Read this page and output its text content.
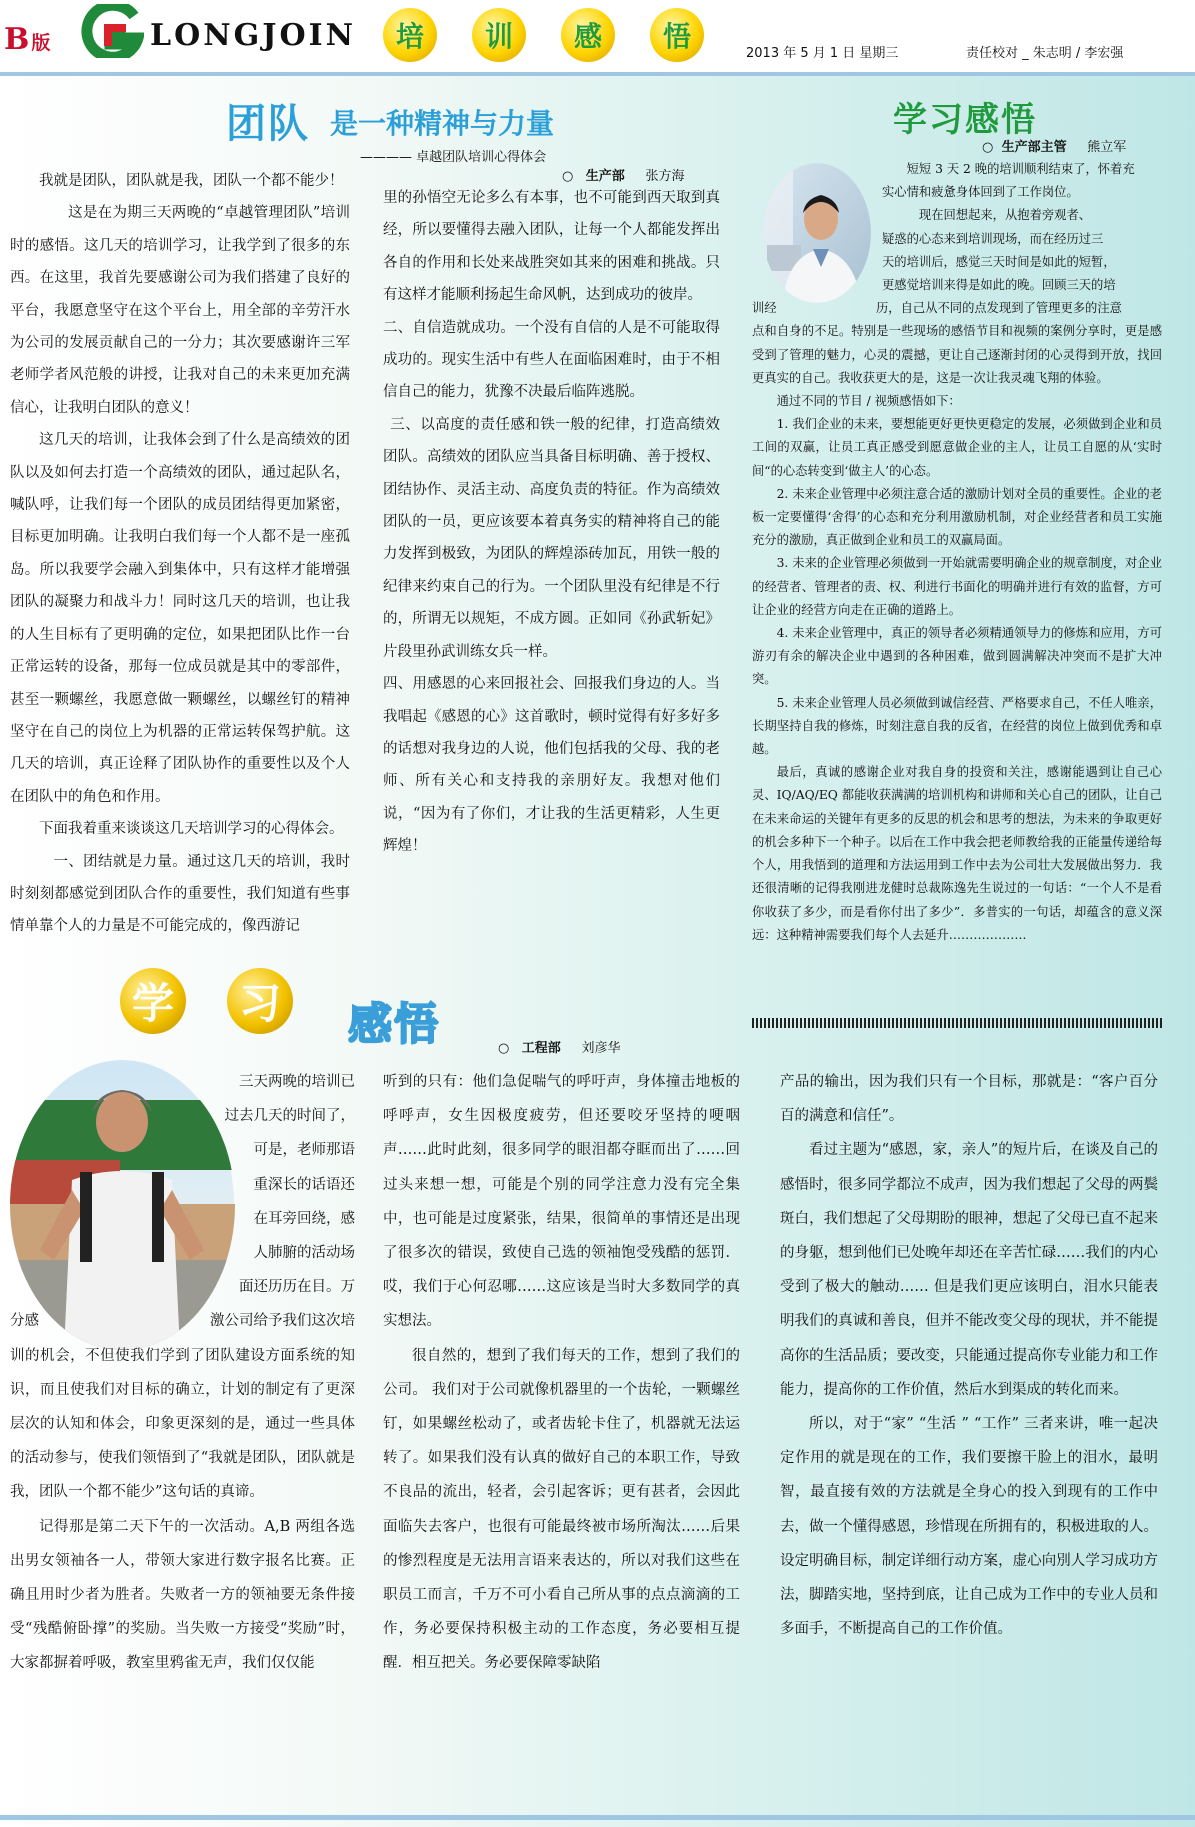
B版	LONGJOIN	培	训	感	悟
2013 年 5 月 1 日 星期三	责任校对 _ 朱志明 / 李宏强
团队 是一种精神与力量
———— 卓越团队培训心得体会
○ 生产部 张方海

我就是团队，团队就是我，团队一个都不能少！

这是在为期三天两晚的“卓越管理团队”培训时的感悟。这几天的培训学习，让我学到了很多的东西。在这里，我首先要感谢公司为我们搭建了良好的平台，我愿意坚守在这个平台上，用全部的辛劳汗水为公司的发展贡献自己的一分力；其次要感谢许三军老师学者风范般的讲授，让我对自己的未来更加充满信心，让我明白团队的意义！

这几天的培训，让我体会到了什么是高绩效的团队以及如何去打造一个高绩效的团队，通过起队名，喊队呼，让我们每一个团队的成员团结得更加紧密，目标更加明确。让我明白我们每一个人都不是一座孤岛。所以我要学会融入到集体中，只有这样才能增强团队的凝聚力和战斗力！同时这几天的培训，也让我的人生目标有了更明确的定位，如果把团队比作一台正常运转的设备，那每一位成员就是其中的零部件，甚至一颗螺丝，我愿意做一颗螺丝，以螺丝钉的精神坚守在自己的岗位上为机器的正常运转保驾护航。这几天的培训，真正诠释了团队协作的重要性以及个人在团队中的角色和作用。

下面我着重来谈谈这几天培训学习的心得体会。

一、团结就是力量。通过这几天的培训，我时时刻刻都感觉到团队合作的重要性，我们知道有些事情单靠个人的力量是不可能完成的，像西游记

里的孙悟空无论多么有本事，也不可能到西天取到真经，所以要懂得去融入团队，让每一个人都能发挥出各自的作用和长处来战胜突如其来的困难和挑战。只有这样才能顺利扬起生命风帆，达到成功的彼岸。

二、自信造就成功。一个没有自信的人是不可能取得成功的。现实生活中有些人在面临困难时，由于不相信自己的能力，犹豫不决最后临阵逃脱。

三、以高度的责任感和铁一般的纪律，打造高绩效团队。高绩效的团队应当具备目标明确、善于授权、团结协作、灵活主动、高度负责的特征。作为高绩效团队的一员，更应该要本着真务实的精神将自己的能力发挥到极致，为团队的辉煌添砖加瓦，用铁一般的纪律来约束自己的行为。一个团队里没有纪律是不行的，所谓无以规矩，不成方圆。正如同《孙武斩妃》片段里孙武训练女兵一样。

四、用感恩的心来回报社会、回报我们身边的人。当我唱起《感恩的心》这首歌时，顿时觉得有好多好多的话想对我身边的人说，他们包括我的父母、我的老师、所有关心和支持我的亲朋好友。我想对他们说，“因为有了你们，才让我的生活更精彩，人生更辉煌！

学习感悟
○ 生产部主管 熊立军

短短 3 天 2 晚的培训顺利结束了，怀着充

实心情和疲惫身体回到了工作岗位。

现在回想起来，从抱着旁观者、

疑惑的心态来到培训现场，而在经历过三

天的培训后，感觉三天时间是如此的短暂，

更感觉培训来得是如此的晚。回顾三天的培

训经	历，自己从不同的点发现到了管理更多的注意

点和自身的不足。特别是一些现场的感悟节目和视频的案例分享时，更是感受到了管理的魅力，心灵的震撼，更让自己逐渐封闭的心灵得到开放，找回更真实的自己。我收获更大的是，这是一次让我灵魂飞翔的体验。

通过不同的节目 / 视频感悟如下：

1. 我们企业的未来，要想能更好更快更稳定的发展，必须做到企业和员工间的双赢，让员工真正感受到愿意做企业的主人，让员工自愿的从‘实时间“的心态转变到‘做主人’的心态。

2. 未来企业管理中必须注意合适的激励计划对全员的重要性。企业的老板一定要懂得‘舍得’的心态和充分利用激励机制，对企业经营者和员工实施充分的激励，真正做到企业和员工的双赢局面。

3. 未来的企业管理必须做到一开始就需要明确企业的规章制度，对企业的经营者、管理者的责、权、利进行书面化的明确并进行有效的监督，方可让企业的经营方向走在正确的道路上。

4. 未来企业管理中，真正的领导者必须精通领导力的修炼和应用，方可游刃有余的解决企业中遇到的各种困难，做到圆满解决冲突而不是扩大冲突。

5. 未来企业管理人员必须做到诚信经营、严格要求自己，不任人唯亲，长期坚持自我的修炼，时刻注意自我的反省，在经营的岗位上做到优秀和卓越。

最后，真诚的感谢企业对我自身的投资和关注，感谢能遇到让自己心灵、IQ/AQ/EQ 都能收获满满的培训机构和讲师和关心自己的团队，让自己在未来命运的关键年有更多的反思的机会和思考的想法，为未来的争取更好的机会多种下一个种子。以后在工作中我会把老师教给我的正能量传递给每个人，用我悟到的道理和方法运用到工作中去为公司壮大发展做出努力．我还很清晰的记得我刚进龙健时总裁陈逸先生说过的一句话：“一个人不是看你收获了多少，而是看你付出了多少”．多普实的一句话，却蕴含的意义深远：这种精神需要我们每个人去延升……………….

学 习 感悟	○ 工程部 刘彦华

三天两晚的培训已

过去几天的时间了，

可是，老师那语

重深长的话语还

在耳旁回绕，感

人肺腑的活动场

面还历历在目。万

分感	激公司给予我们这次培

训的机会，不但使我们学到了团队建设方面系统的知识，而且使我们对目标的确立，计划的制定有了更深层次的认知和体会，印象更深刻的是，通过一些具体的活动参与，使我们领悟到了“我就是团队，团队就是我，团队一个都不能少”这句话的真谛。

记得那是第二天下午的一次活动。A,B 两组各选出男女领袖各一人，带领大家进行数字报名比赛。正确且用时少者为胜者。失败者一方的领袖要无条件接受“残酷俯卧撑”的奖励。当失败一方接受“奖励”时，大家都摒着呼吸，教室里鸦雀无声，我们仅仅能

听到的只有：他们急促喘气的呼吁声，身体撞击地板的呼呼声，女生因极度疲劳，但还要咬牙坚持的哽咽声……此时此刻，很多同学的眼泪都夺眶而出了……回过头来想一想，可能是个别的同学注意力没有完全集中，也可能是过度紧张，结果，很简单的事情还是出现了很多次的错误，致使自己选的领袖饱受残酷的惩罚．哎，我们于心何忍哪……这应该是当时大多数同学的真实想法。

很自然的，想到了我们每天的工作，想到了我们的公司。 我们对于公司就像机器里的一个齿轮，一颗螺丝钉，如果螺丝松动了，或者齿轮卡住了，机器就无法运转了。如果我们没有认真的做好自己的本职工作，导致不良品的流出，轻者，会引起客诉；更有甚者，会因此面临失去客户，也很有可能最终被市场所淘汰……后果的惨烈程度是无法用言语来表达的，所以对我们这些在职员工而言，千万不可小看自己所从事的点点滴滴的工作，务必要保持积极主动的工作态度，务必要相互提醒．相互把关。务必要保障零缺陷

产品的输出，因为我们只有一个目标，那就是：“客户百分百的满意和信任”。

看过主题为“感恩，家，亲人”的短片后，在谈及自己的感悟时，很多同学都泣不成声，因为我们想起了父母的两鬓斑白，我们想起了父母期盼的眼神，想起了父母已直不起来的身躯，想到他们已处晚年却还在辛苦忙碌……我们的内心受到了极大的触动…… 但是我们更应该明白，泪水只能表明我们的真诚和善良，但并不能改变父母的现状，并不能提高你的生活品质；要改变，只能通过提高你专业能力和工作能力，提高你的工作价值，然后水到渠成的转化而来。

所以，对于“家” “生活 ” “工作” 三者来讲，唯一起决定作用的就是现在的工作，我们要擦干脸上的泪水，最明智，最直接有效的方法就是全身心的投入到现有的工作中去，做一个懂得感恩，珍惜现在所拥有的，积极进取的人。设定明确目标，制定详细行动方案，虚心向別人学习成功方法，脚踏实地，坚持到底，让自己成为工作中的专业人员和多面手，不断提高自己的工作价值。
